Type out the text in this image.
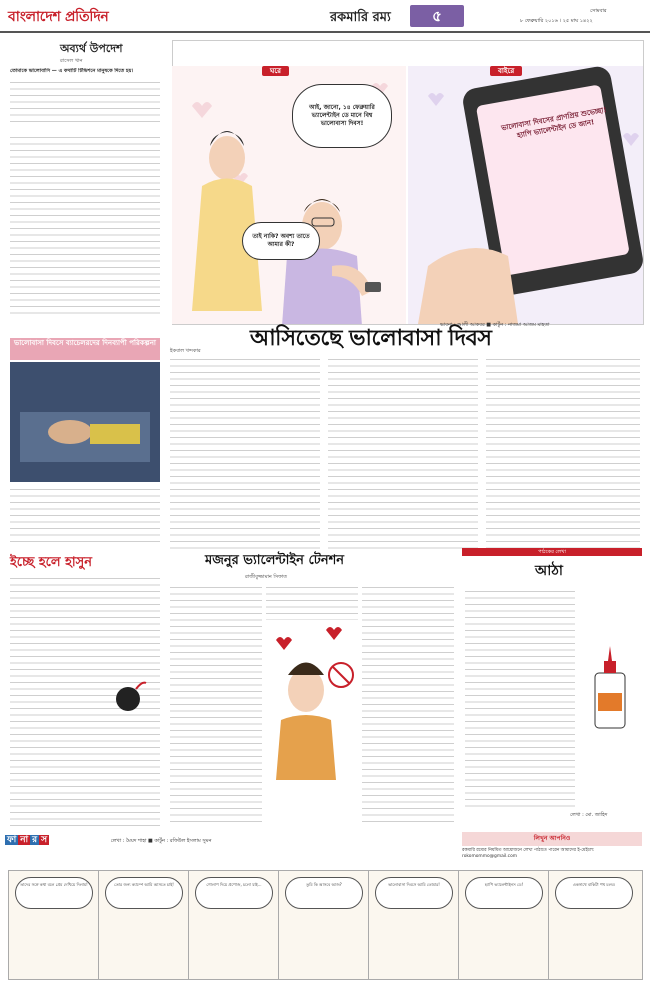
বাংলাদেশ প্রতিদিন	রকমারি রম্য	৫	সোমবার
৮ ফেব্রুয়ারি ২০১৬ । ২৫ মাঘ ১৪২২
অব্যর্থ উপদেশ
রাসেল খান
তোমাকে ভালোবাসি — এ কথাটি টিভিশনে মানুষকে দিতে হয়।	ঘরে
আই, জানো, ১৪ ফেব্রুয়ারি ভ্যালেন্টাইন ডে মানে বিশ্ব ভালোবাসা দিবস!
তাই নাকি? অবশ্য তাতে আমার কী?
বাইরে
ভালোবাসা দিবসের প্রাণপ্রিয় শুভেচ্ছা! হ্যাপি ভ্যালেন্টাইন ডে জান!
ভাবনা : আলী আকবর ■ কার্টুন : নাজমা আজম মাহতা
ভালোবাসা দিবসে ব্যাচেলরদের দিনব্যাপী পরিকল্পনা	আসিতেছে ভালোবাসা দিবস
ইকবাল খন্দকার
ইচ্ছে হলে হাসুন	মজনুর ভ্যালেন্টাইন টেনশন
রাজীবুজ্জামান সিফাত
পাঠকের লেখা
আঠা
লেখা : মো. জাহিদ
ফা না র স	লেখা : মৈয়দ শাহা ■ কার্টুন : রফিউল ইসলাম সুমন	লিখুন আপনিও
রকমারি রম্যের নিয়মিত আয়োজনে লেখা পাঠাতে পারেন আমাদের ই-মেইলে: rokomommo@gmail.com
তাদের সঙ্গে কথা বলে প্রেম দেখিয়ে দিলাম!	তোর জন্য ক্যাম্পে আমি আসতে চাই!	গোলাপ দিয়ে প্রপোজ, চলো যাই...	তুমি কি আসবে আজ?	ভালোবাসা দিবসে আমি তোমার!	হ্যাপি ভ্যালেন্টাইনস ডে!	একসাথে বাকিটা পথ চলব।
